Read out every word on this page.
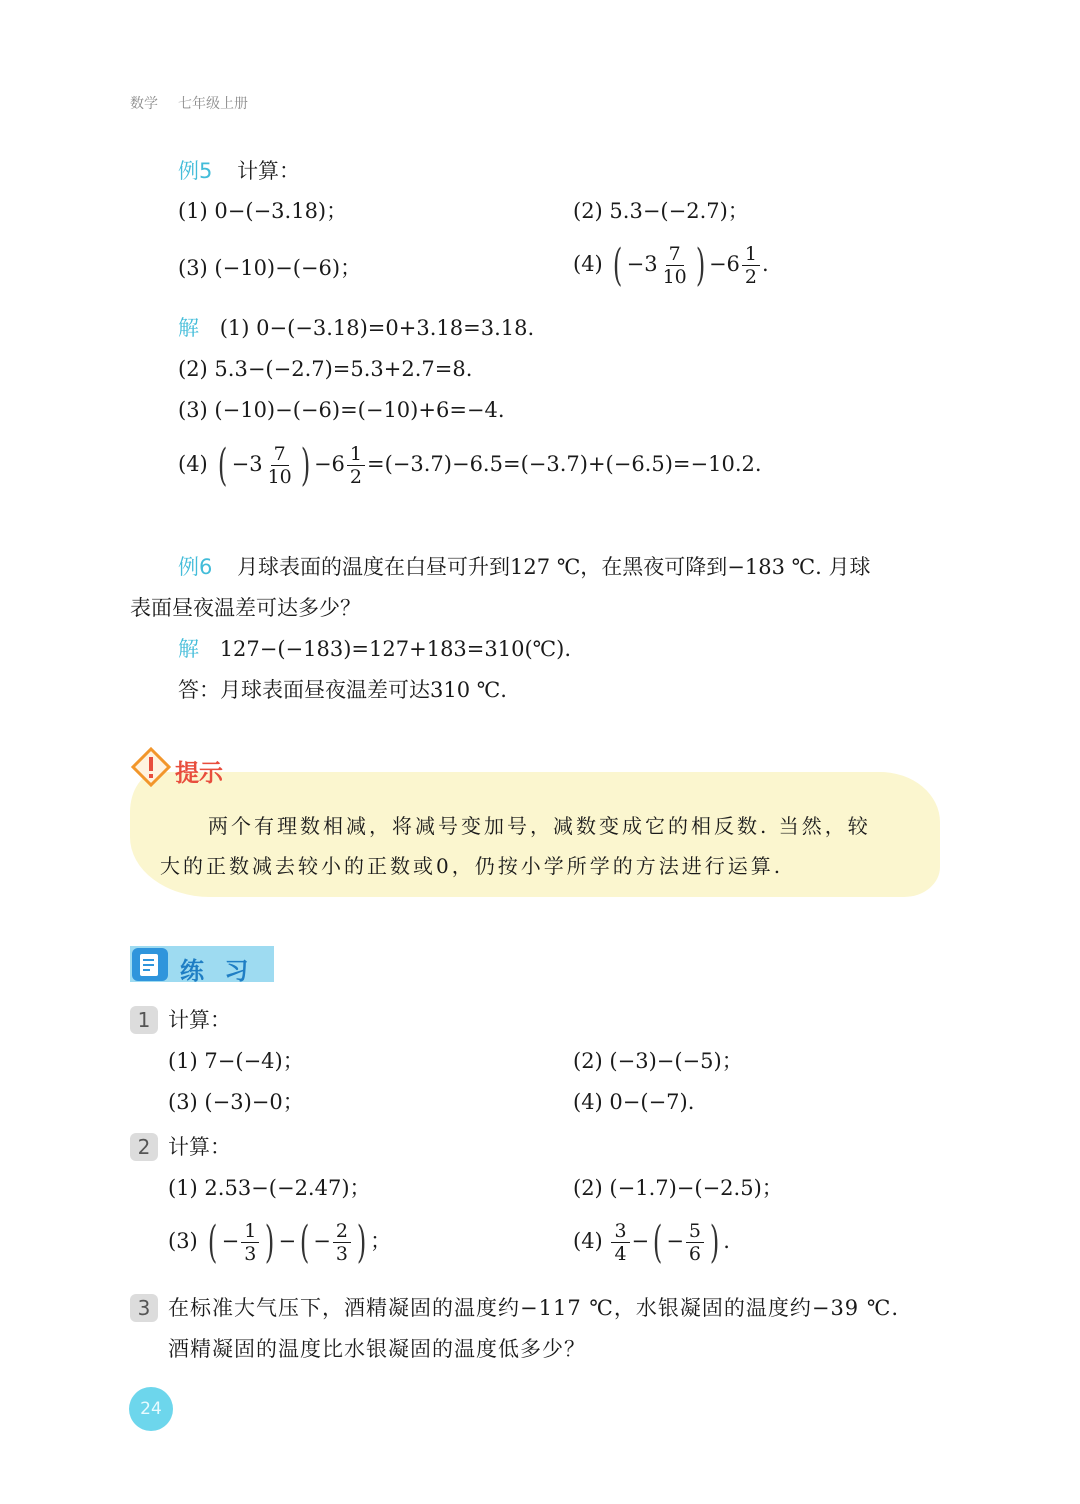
数学 七年级上册
例5 计算：
(1) 0−(−3.18)；	(2) 5.3−(−2.7)；
(3) (−10)−(−6)；	(4) ( $-3 \frac{7}{10}$ ) $-6 \frac{1}{2}$ .
解 (1) 0−(−3.18)=0+3.18=3.18.
(2) 5.3−(−2.7)=5.3+2.7=8.
(3) (−10)−(−6)=(−10)+6=−4.
(4) ( $-3 \frac{7}{10}$ ) $-6 \frac{1}{2} =(-3.7)-6.5=(-3.7)+(-6.5)=-10.2$.
例6 月球表面的温度在白昼可升到127 ℃，在黑夜可降到−183 ℃. 月球
表面昼夜温差可达多少？
解 127−(−183)=127+183=310(℃).
答：月球表面昼夜温差可达310 ℃.
提示
两个有理数相减，将减号变加号，减数变成它的相反数. 当然，较
大的正数减去较小的正数或0，仍按小学所学的方法进行运算.
练 习
1 计算：
(1) 7−(−4)；	(2) (−3)−(−5)；
(3) (−3)−0；	(4) 0−(−7).
2 计算：
(1) 2.53−(−2.47)；	(2) (−1.7)−(−2.5)；
(3) ( − $\frac{1}{3}$ ) −( − $\frac{2}{3}$ ) ；	$(4) \frac{3}{4}$ −( − $\frac{5}{6}$ ) .
3 在标准大气压下，酒精凝固的温度约−117 ℃，水银凝固的温度约−39 ℃.
酒精凝固的温度比水银凝固的温度低多少？
24
